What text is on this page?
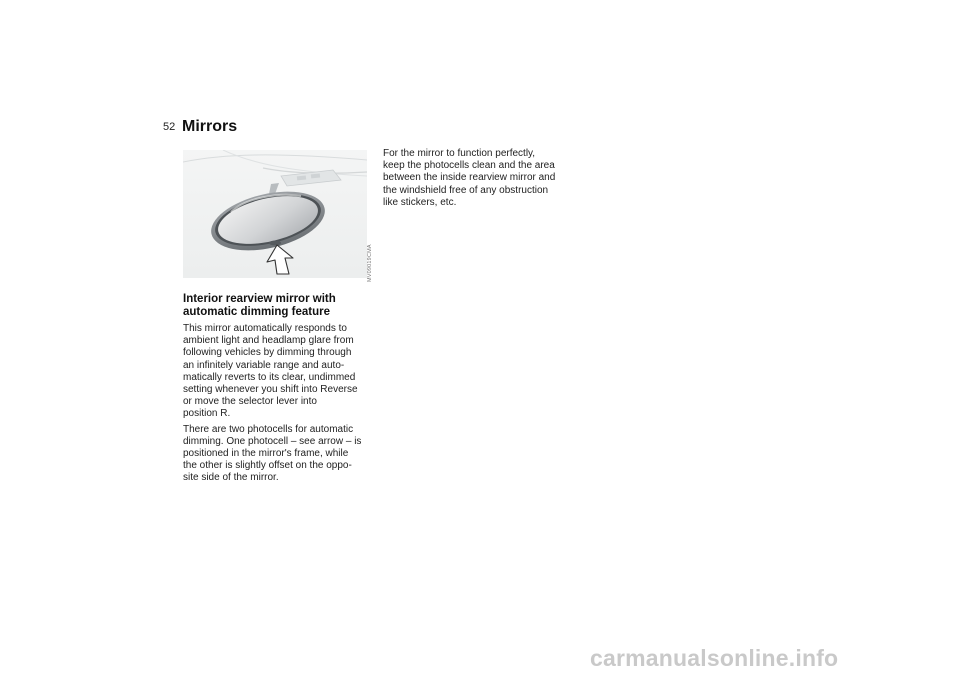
52 Mirrors
MV09019CMA
Interior rearview mirror with
automatic dimming feature

This mirror automatically responds to
ambient light and headlamp glare from
following vehicles by dimming through
an infinitely variable range and auto-
matically reverts to its clear, undimmed
setting whenever you shift into Reverse
or move the selector lever into
position R.

There are two photocells for automatic
dimming. One photocell – see arrow – is
positioned in the mirror's frame, while
the other is slightly offset on the oppo-
site side of the mirror.

For the mirror to function perfectly,
keep the photocells clean and the area
between the inside rearview mirror and
the windshield free of any obstruction
like stickers, etc.

carmanualsonline.info
